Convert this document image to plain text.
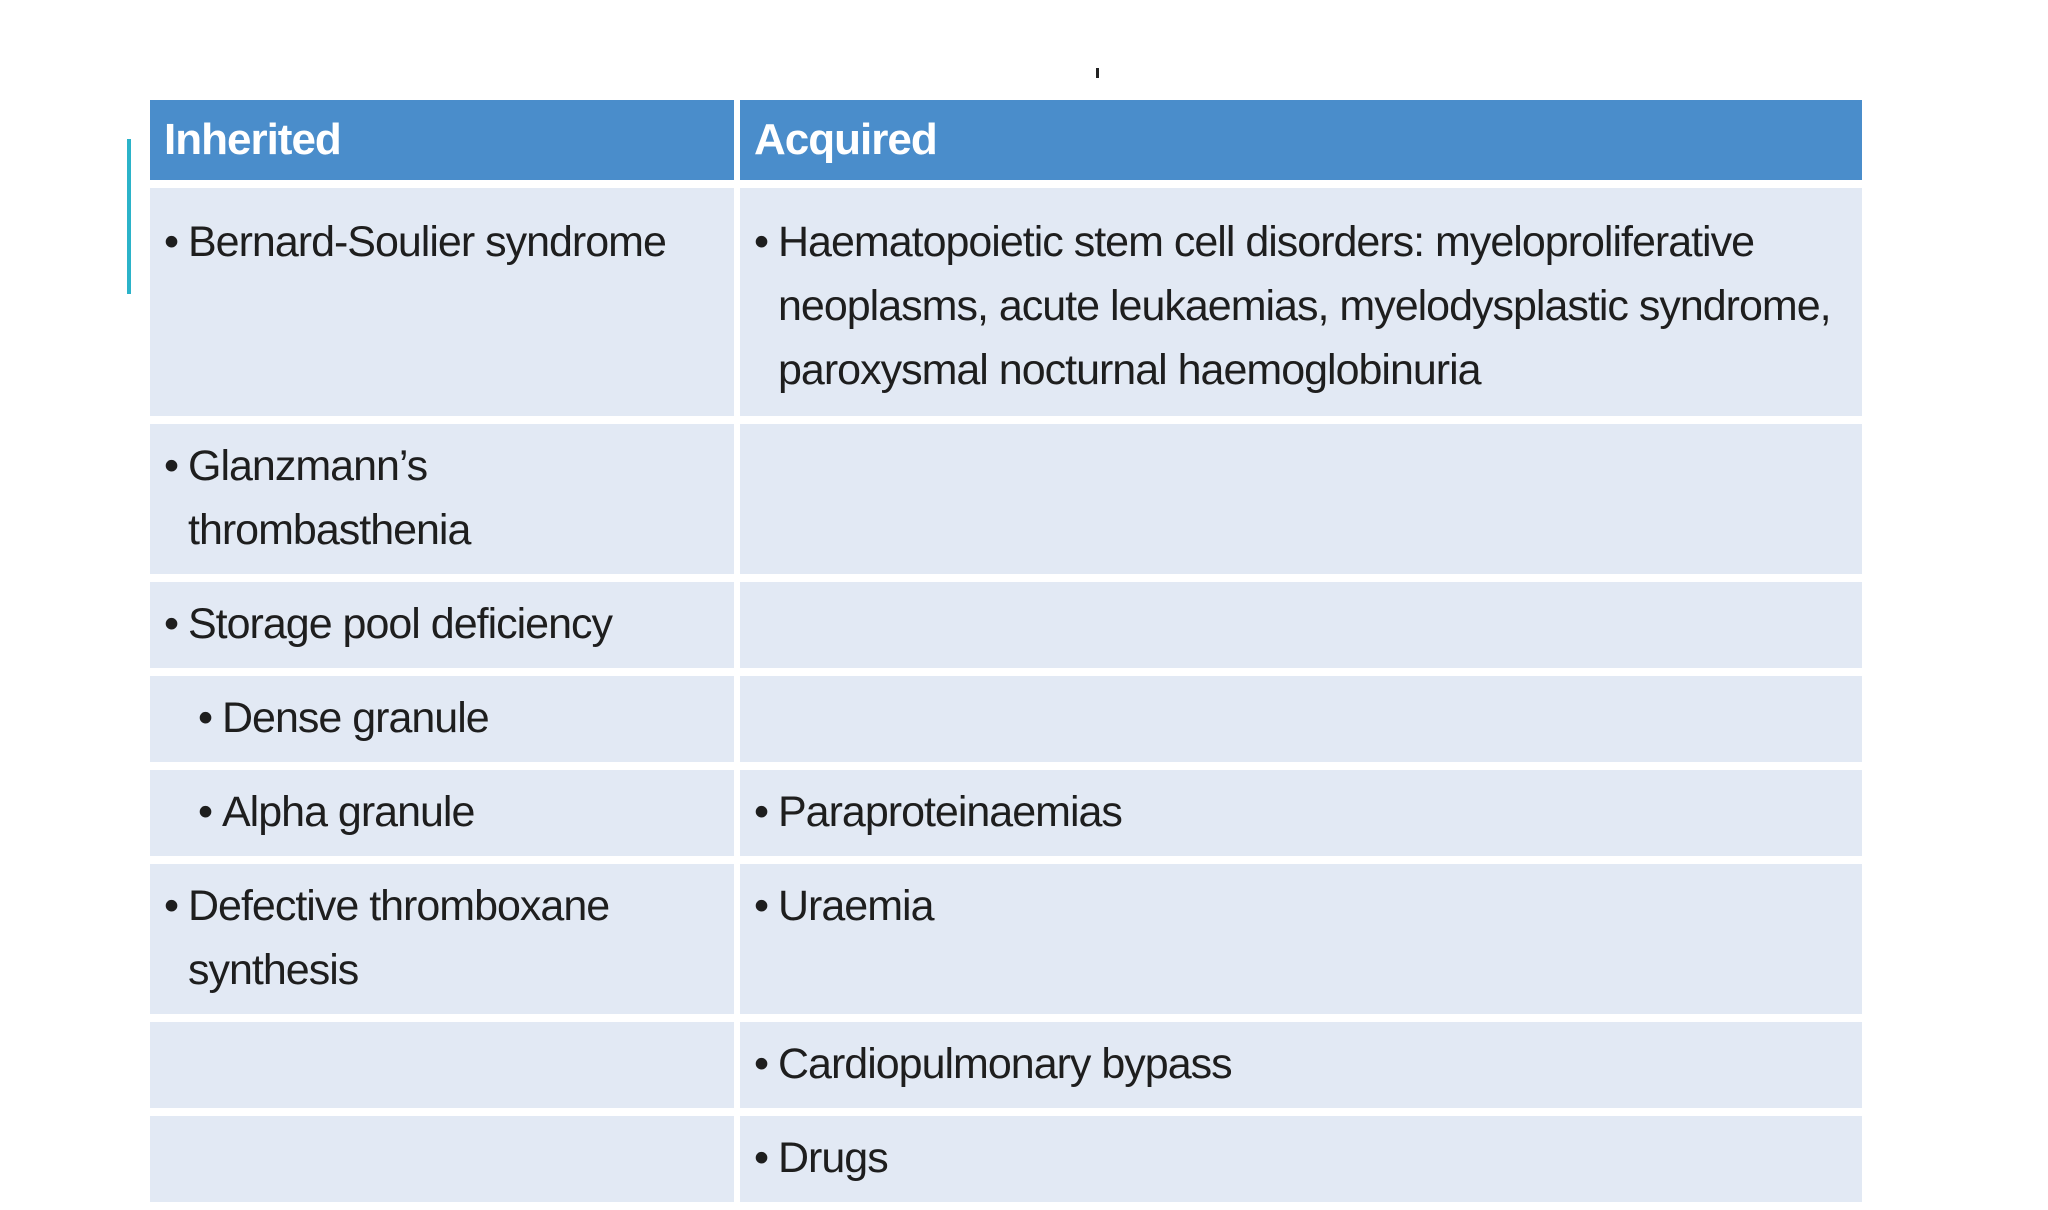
Inherited	Acquired

• Bernard-Soulier syndrome	• Haematopoietic stem cell disorders: myeloproliferative neoplasms, acute leukaemias, myelodysplastic syndrome, paroxysmal nocturnal haemoglobinuria

• Glanzmann’s thrombasthenia	

• Storage pool deficiency	

• Dense granule	

• Alpha granule	• Paraproteinaemias

• Defective thromboxane synthesis	• Uraemia

	• Cardiopulmonary bypass

	• Drugs
